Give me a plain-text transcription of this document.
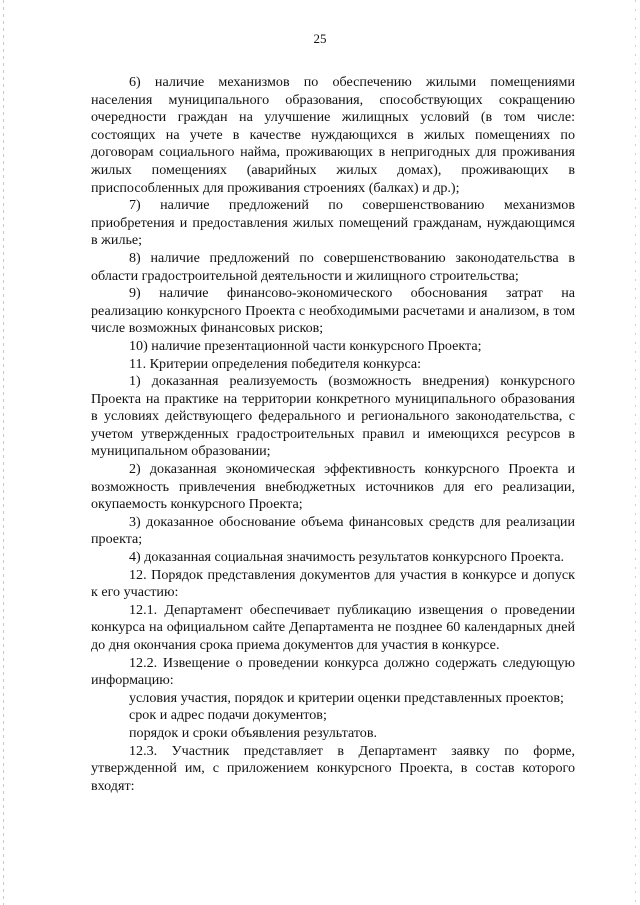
25

6) наличие механизмов по обеспечению жилыми помещениями населения муниципального образования, способствующих сокращению очередности граждан на улучшение жилищных условий (в том числе: состоящих на учете в качестве нуждающихся в жилых помещениях по договорам социального найма, проживающих в непригодных для проживания жилых помещениях (аварийных жилых домах), проживающих в приспособленных для проживания строениях (балках) и др.);

7) наличие предложений по совершенствованию механизмов приобретения и предоставления жилых помещений гражданам, нуждающимся в жилье;

8) наличие предложений по совершенствованию законодательства в области градостроительной деятельности и жилищного строительства;

9) наличие финансово-экономического обоснования затрат на реализацию конкурсного Проекта с необходимыми расчетами и анализом, в том числе возможных финансовых рисков;

10) наличие презентационной части конкурсного Проекта;

11. Критерии определения победителя конкурса:

1) доказанная реализуемость (возможность внедрения) конкурсного Проекта на практике на территории конкретного муниципального образования в условиях действующего федерального и регионального законодательства, с учетом утвержденных градостроительных правил и имеющихся ресурсов в муниципальном образовании;

2) доказанная экономическая эффективность конкурсного Проекта и возможность привлечения внебюджетных источников для его реализации, окупаемость конкурсного Проекта;

3) доказанное обоснование объема финансовых средств для реализации проекта;

4) доказанная социальная значимость результатов конкурсного Проекта.

12. Порядок представления документов для участия в конкурсе и допуск к его участию:

12.1. Департамент обеспечивает публикацию извещения о проведении конкурса на официальном сайте Департамента не позднее 60 календарных дней до дня окончания срока приема документов для участия в конкурсе.

12.2. Извещение о проведении конкурса должно содержать следующую информацию:

условия участия, порядок и критерии оценки представленных проектов;

срок и адрес подачи документов;

порядок и сроки объявления результатов.

12.3. Участник представляет в Департамент заявку по форме, утвержденной им, с приложением конкурсного Проекта, в состав которого входят:
